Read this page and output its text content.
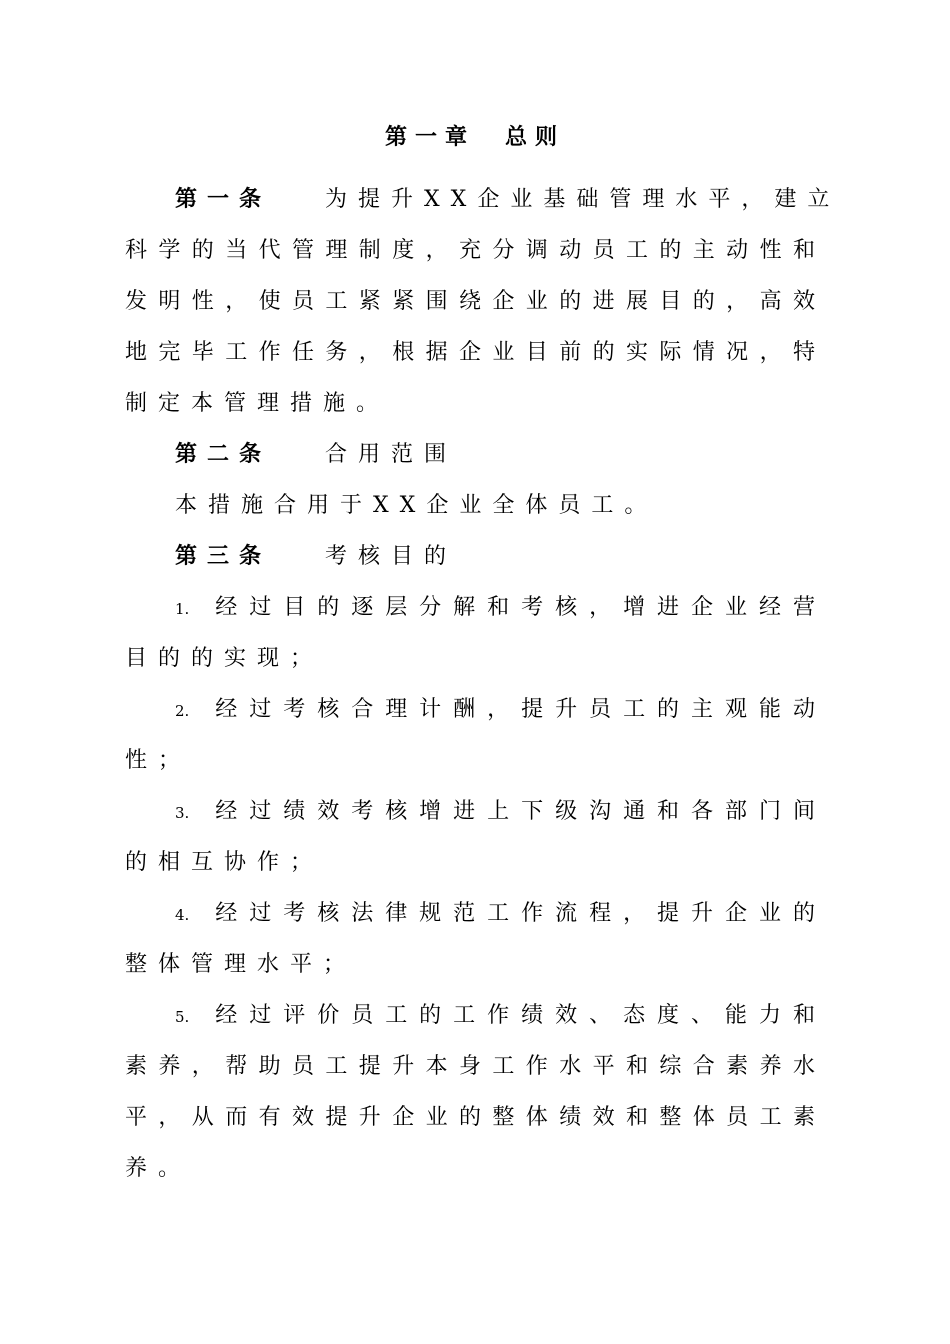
第一章 总则
第一条 为提升XX企业基础管理水平，建立
科学的当代管理制度，充分调动员工的主动性和
发明性，使员工紧紧围绕企业的进展目的，高效
地完毕工作任务，根据企业目前的实际情况，特
制定本管理措施。
第二条 合用范围
本措施合用于XX企业全体员工。
第三条 考核目的
1. 经过目的逐层分解和考核，增进企业经营
目的的实现；
2. 经过考核合理计酬，提升员工的主观能动
性；
3. 经过绩效考核增进上下级沟通和各部门间
的相互协作；
4. 经过考核法律规范工作流程，提升企业的
整体管理水平；
5. 经过评价员工的工作绩效、态度、能力和
素养，帮助员工提升本身工作水平和综合素养水
平，从而有效提升企业的整体绩效和整体员工素
养。
